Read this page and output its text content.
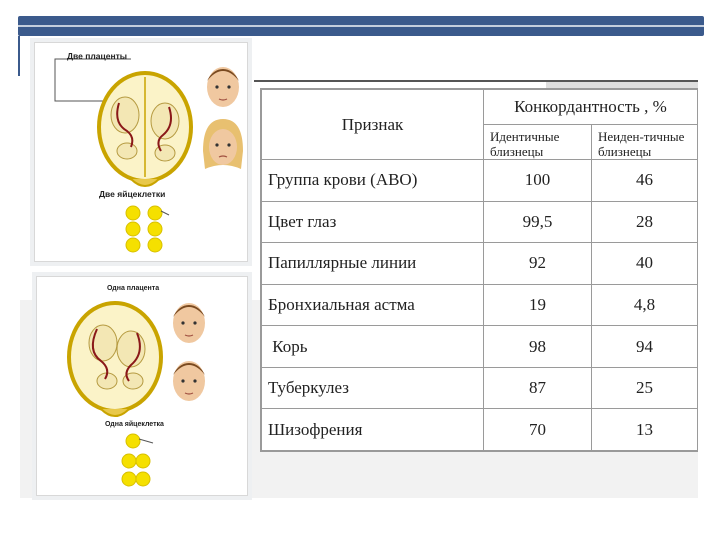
Две плаценты
Две яйцеклетки
Одна плацента
Одна яйцеклетка
Признак	Конкордантность , %	
	Идентичные близнецы	Неиден-тичные близнецы
Группа крови (АВО)	100	46
Цвет глаз	99,5	28
Папиллярные линии	92	40
Бронхиальная астма	19	4,8
Корь	98	94
Туберкулез	87	25
Шизофрения	70	13
